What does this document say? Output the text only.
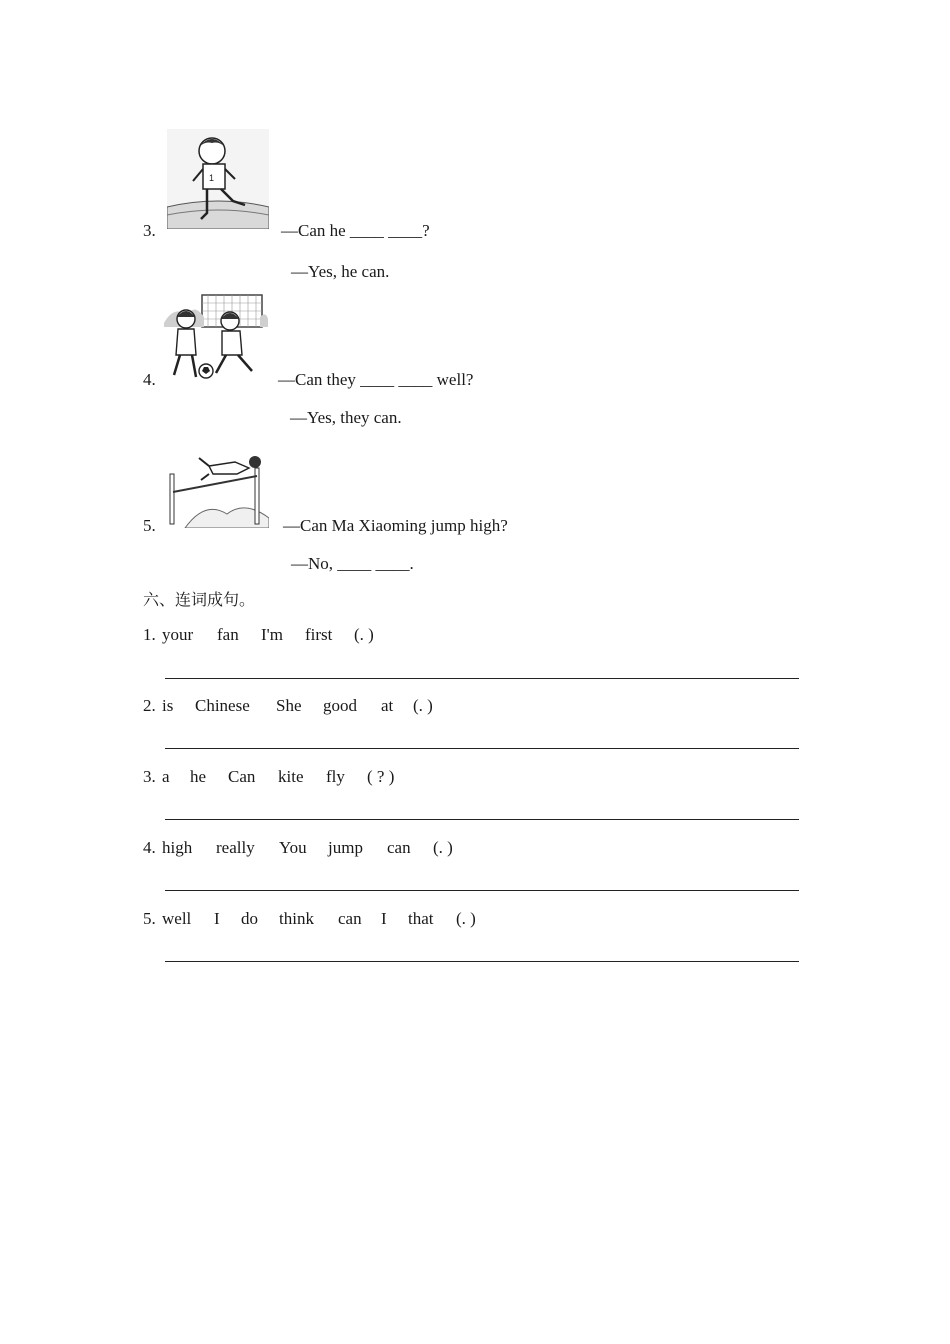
1
3.	—Can he ____ ____?
—Yes, he can.
4.	—Can they ____ ____ well?
—Yes, they can.
5.	—Can Ma Xiaoming jump high?
—No, ____ ____.
六、连词成句。
1. your fan I'm first (. )
2. is Chinese She good at (. )
3. a he Can kite fly ( ? )
4. high really You jump can (. )
5. well I do think can I that (. )
